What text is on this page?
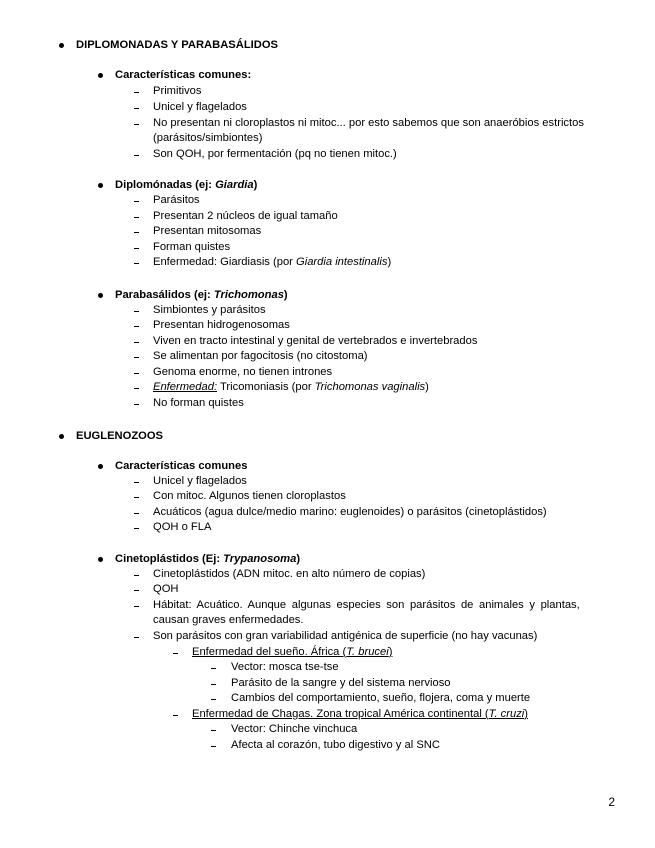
DIPLOMONADAS Y PARABASÁLIDOS
Características comunes:
Primitivos
Unicel y flagelados
No presentan ni cloroplastos ni mitoc... por esto sabemos que son anaeróbios estrictos
(parásitos/simbiontes)
Son QOH, por fermentación (pq no tienen mitoc.)
Diplomónadas (ej: Giardia)
Parásitos
Presentan 2 núcleos de igual tamaño
Presentan mitosomas
Forman quistes
Enfermedad: Giardiasis (por Giardia intestinalis)
Parabasálidos (ej: Trichomonas)
Simbiontes y parásitos
Presentan hidrogenosomas
Viven en tracto intestinal y genital de vertebrados e invertebrados
Se alimentan por fagocitosis (no citostoma)
Genoma enorme, no tienen intrones
Enfermedad: Tricomoniasis (por Trichomonas vaginalis)
No forman quistes
EUGLENOZOOS
Características comunes
Unicel y flagelados
Con mitoc. Algunos tienen cloroplastos
Acuáticos (agua dulce/medio marino: euglenoides) o parásitos (cinetoplástidos)
QOH o FLA
Cinetoplástidos (Ej: Trypanosoma)
Cinetoplástidos (ADN mitoc. en alto número de copias)
QOH
Hábitat: Acuático. Aunque algunas especies son parásitos de animales y plantas,
causan graves enfermedades.
Son parásitos con gran variabilidad antigénica de superficie (no hay vacunas)
Enfermedad del sueño. África (T. brucei)
Vector: mosca tse-tse
Parásito de la sangre y del sistema nervioso
Cambios del comportamiento, sueño, flojera, coma y muerte
Enfermedad de Chagas. Zona tropical América continental (T. cruzi)
Vector: Chinche vinchuca
Afecta al corazón, tubo digestivo y al SNC
2
